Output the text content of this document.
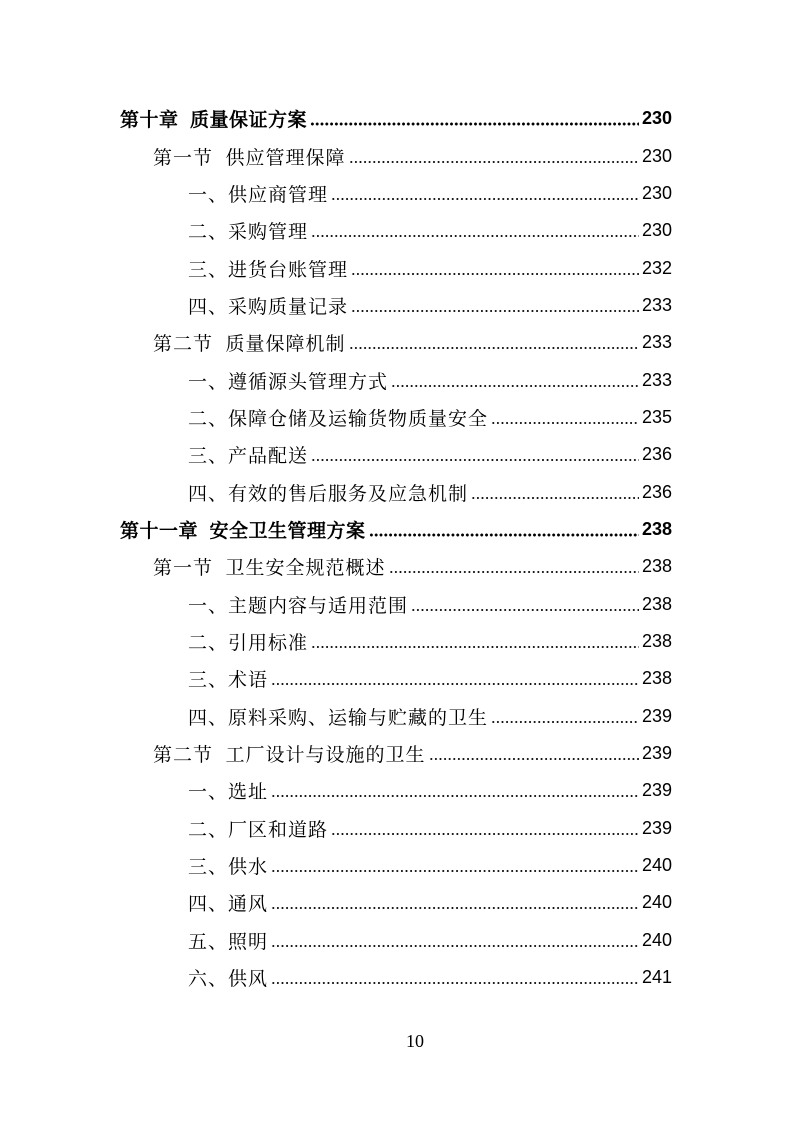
第十章  质量保证方案	230
第一节  供应管理保障	230
一、供应商管理	230
二、采购管理	230
三、进货台账管理	232
四、采购质量记录	233
第二节  质量保障机制	233
一、遵循源头管理方式	233
二、保障仓储及运输货物质量安全	235
三、产品配送	236
四、有效的售后服务及应急机制	236
第十一章  安全卫生管理方案	238
第一节  卫生安全规范概述	238
一、主题内容与适用范围	238
二、引用标准	238
三、术语	238
四、原料采购、运输与贮藏的卫生	239
第二节  工厂设计与设施的卫生	239
一、选址	239
二、厂区和道路	239
三、供水	240
四、通风	240
五、照明	240
六、供风	241
10
